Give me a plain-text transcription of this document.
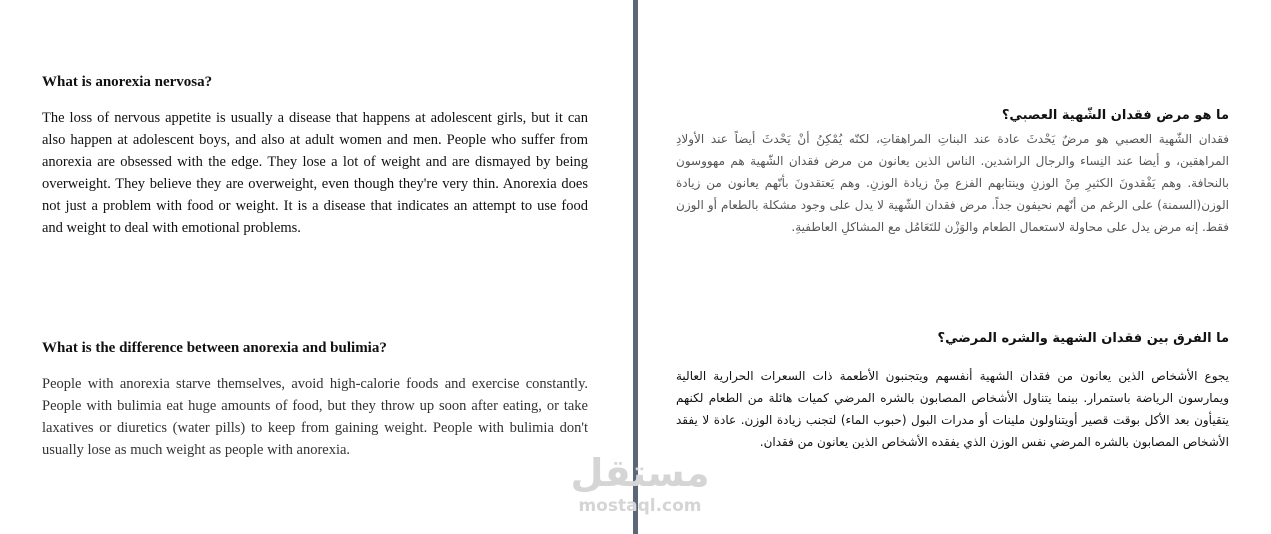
What is anorexia nervosa?

The loss of nervous appetite is usually a disease that happens at adolescent girls, but it can also happen at adolescent boys, and also at adult women and men. People who suffer from anorexia are obsessed with the edge. They lose a lot of weight and are dismayed by being overweight. They believe they are overweight, even though they're very thin. Anorexia does not just a problem with food or weight. It is a disease that indicates an attempt to use food and weight to deal with emotional problems.

What is the difference between anorexia and bulimia?

People with anorexia starve themselves, avoid high-calorie foods and exercise constantly. People with bulimia eat huge amounts of food, but they throw up soon after eating, or take laxatives or diuretics (water pills) to keep from gaining weight. People with bulimia don't usually lose as much weight as people with anorexia.

ما هو مرض فقدان الشّهية العصبي؟

فقدان الشّهية العصبي هو مرضٌ يَحْدثَ عادة عند البناتِ المراهقاتِ، لكنّه يُمْكِنُ أنْ يَحْدثَ أيضاً عند الأولادِ المراهقين، و أيضا عند النِساء والرجال الراشدين. الناس الذين يعانون من مرض فقدان الشّهية هم مهووسون بالنحافة. وهم يَفْقدونَ الكثيرِ مِنْ الوزنِ وينتابهم الفزع مِنْ زيادة الوزنِ. وهم يَعتقدونَ بأنّهم يعانون من زيادة الوزن(السمنة) على الرغم من أنّهم نحيفون جداً. مرض فقدان الشّهية لا يدل على وجود مشكلة بالطعام أو الوزن فقط. إنه مرض يدل على محاولة لاستعمال الطعام والوَزْن للتَعَامُل مع المشاكلِ العاطفيةِ.

ما الفرق بين فقدان الشهية والشره المرضي؟

يجوع الأشخاص الذين يعانون من فقدان الشهية أنفسهم ويتجنبون الأطعمة ذات السعرات الحرارية العالية ويمارسون الرياضة باستمرار. بينما يتناول الأشخاص المصابون بالشره المرضي كميات هائلة من الطعام لكنهم يتقيأون بعد الأكل بوقت قصير أويتناولون ملينات أو مدرات البول (حبوب الماء) لتجنب زيادة الوزن. عادة لا يفقد الأشخاص المصابون بالشره المرضي نفس الوزن الذي يفقده الأشخاص الذين يعانون من فقدان.

مستقل
mostaql.com
